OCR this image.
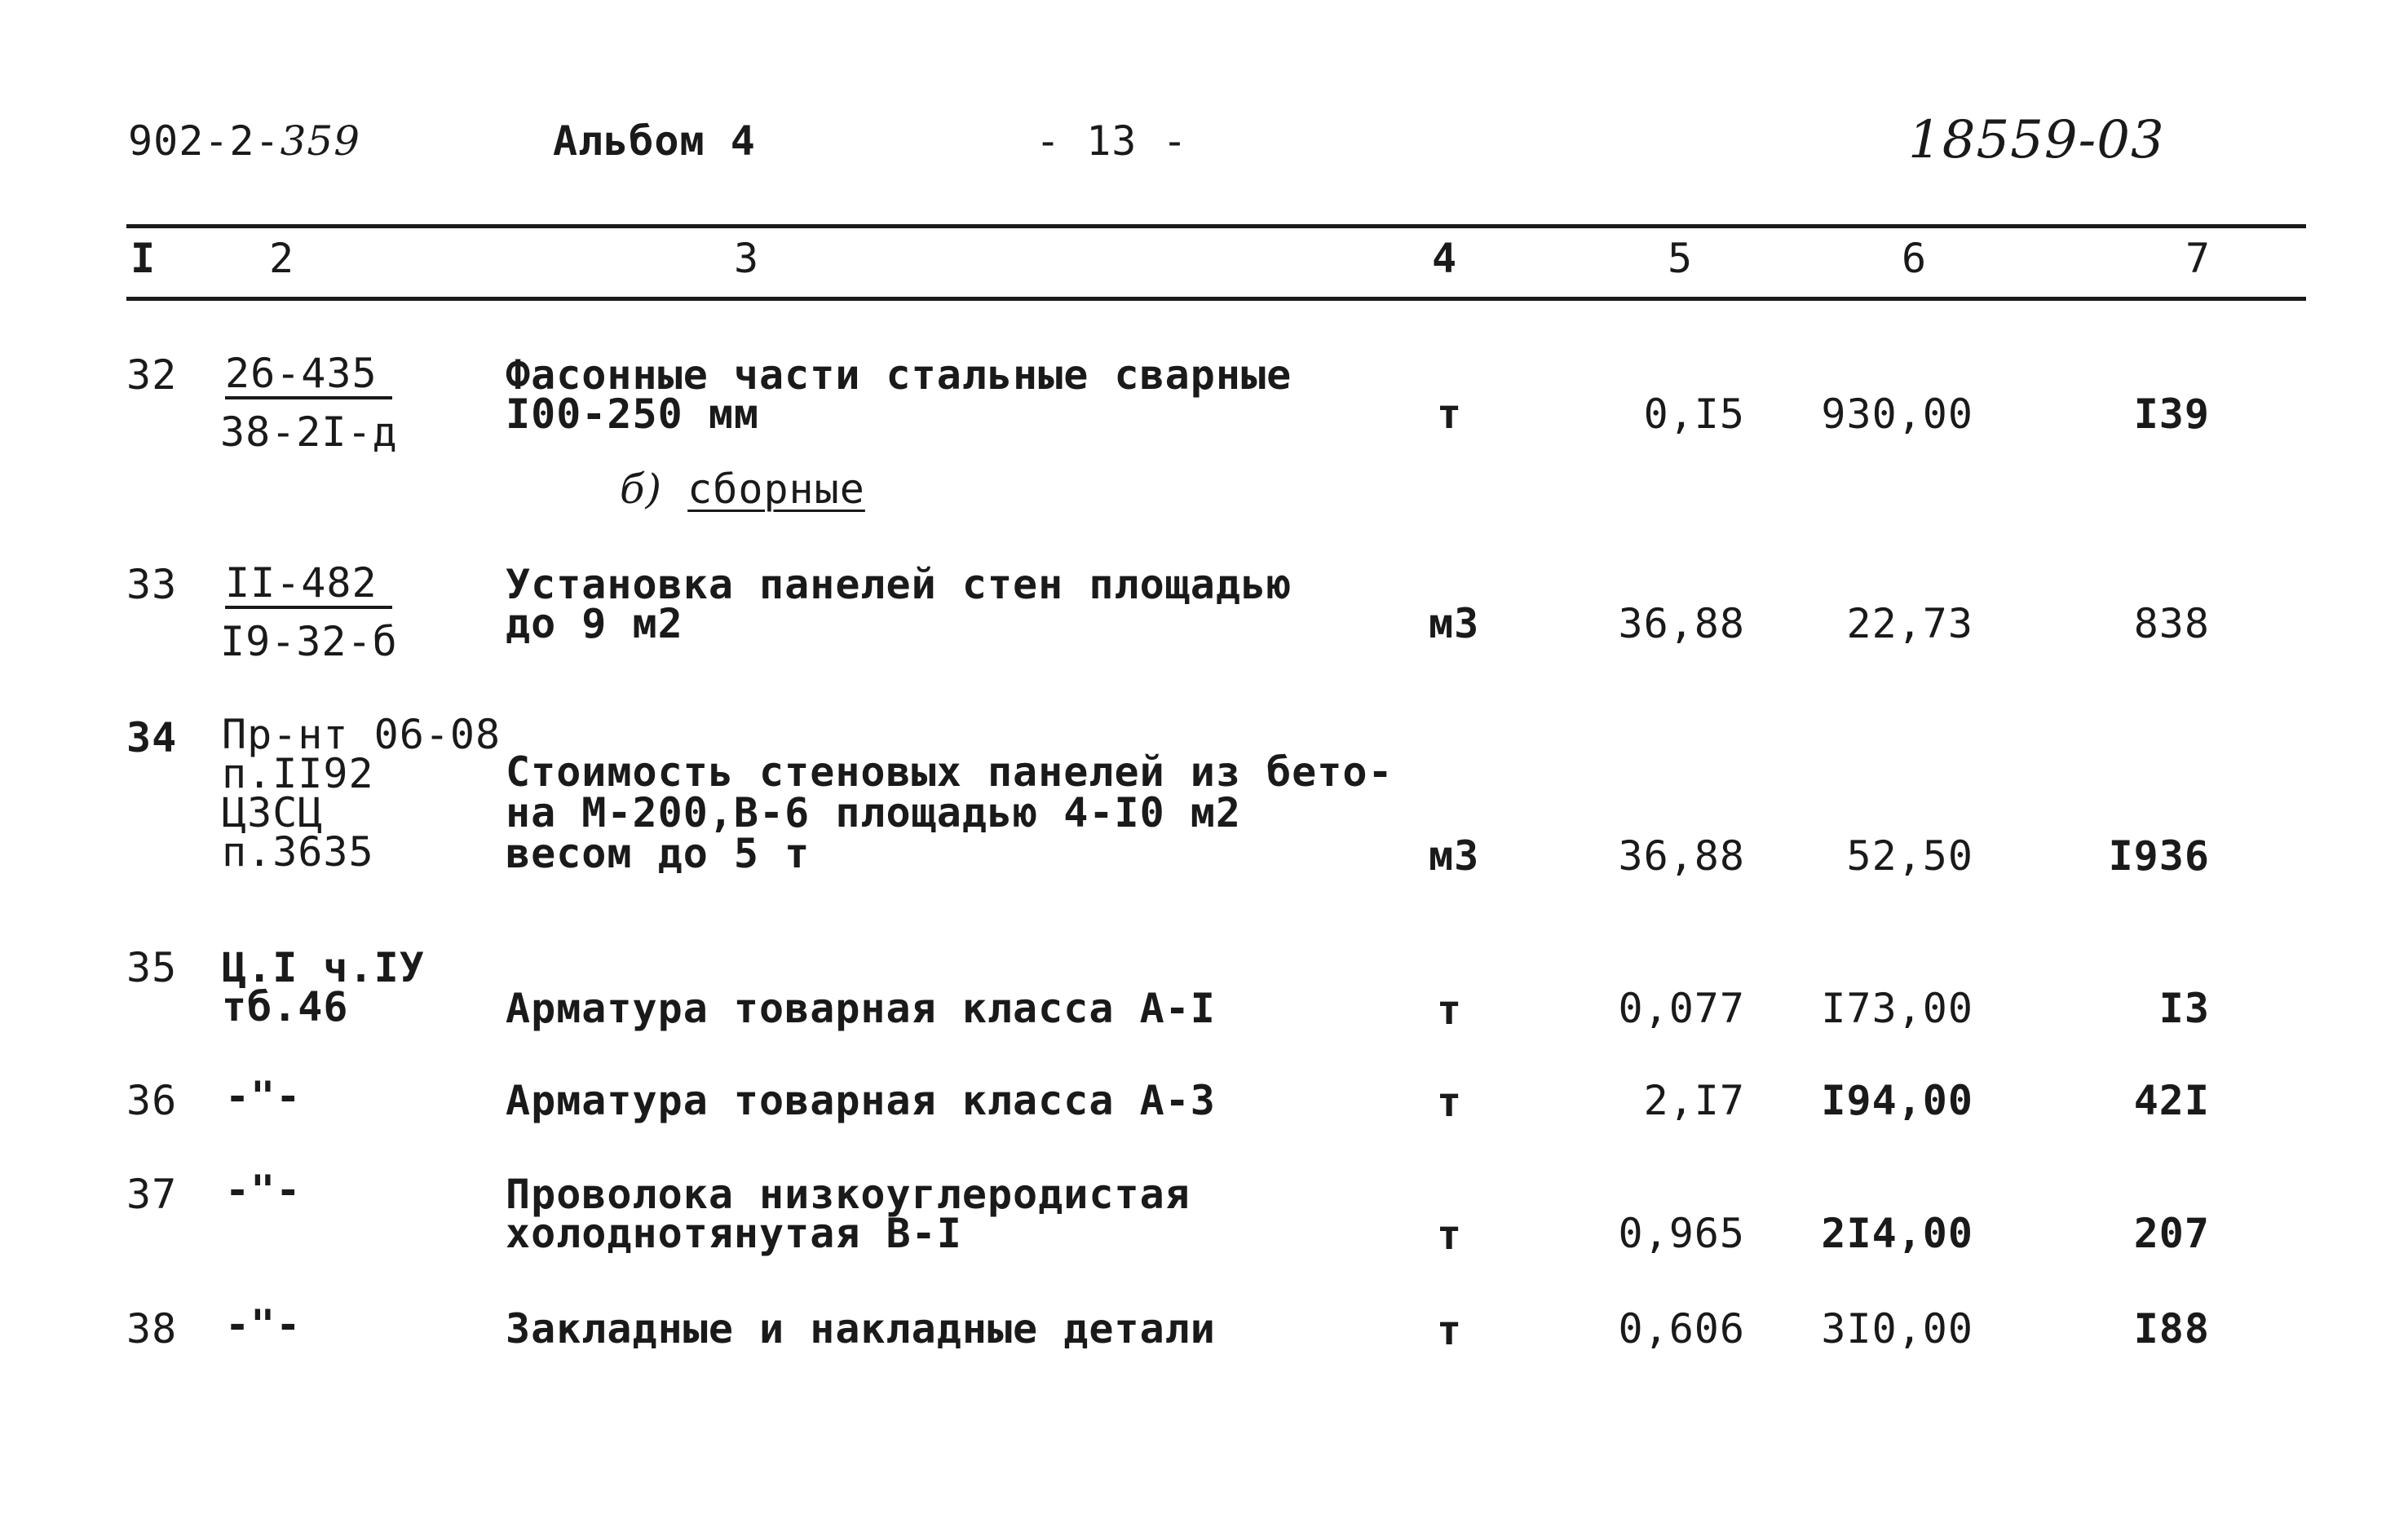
902-2-359	Альбом 4	- 13 -	18559-03
I	2	3	4	5	6	7
32 26-435
38-2I-д
Фасонные части стальные сварные
I00-250 мм	т	0,I5	930,00	I39
б) сборные
33 II-482
I9-32-б
Установка панелей стен площадью
до 9 м2	м3	36,88	22,73	838
34 Пр-нт 06-08
п.II92
ЦЗСЦ
п.3635
Стоимость стеновых панелей из бето-
на М-200,В-6 площадью 4-I0 м2
весом до 5 т	м3	36,88	52,50	I936
35 Ц.I ч.IУ
тб.46	Арматура товарная класса А-I	т	0,077	I73,00	I3
36 -"-	Арматура товарная класса А-3	т	2,I7	I94,00	42I
37 -"-	Проволока низкоуглеродистая
холоднотянутая В-I	т	0,965	2I4,00	207
38 -"-	Закладные и накладные детали	т	0,606	3I0,00	I88
